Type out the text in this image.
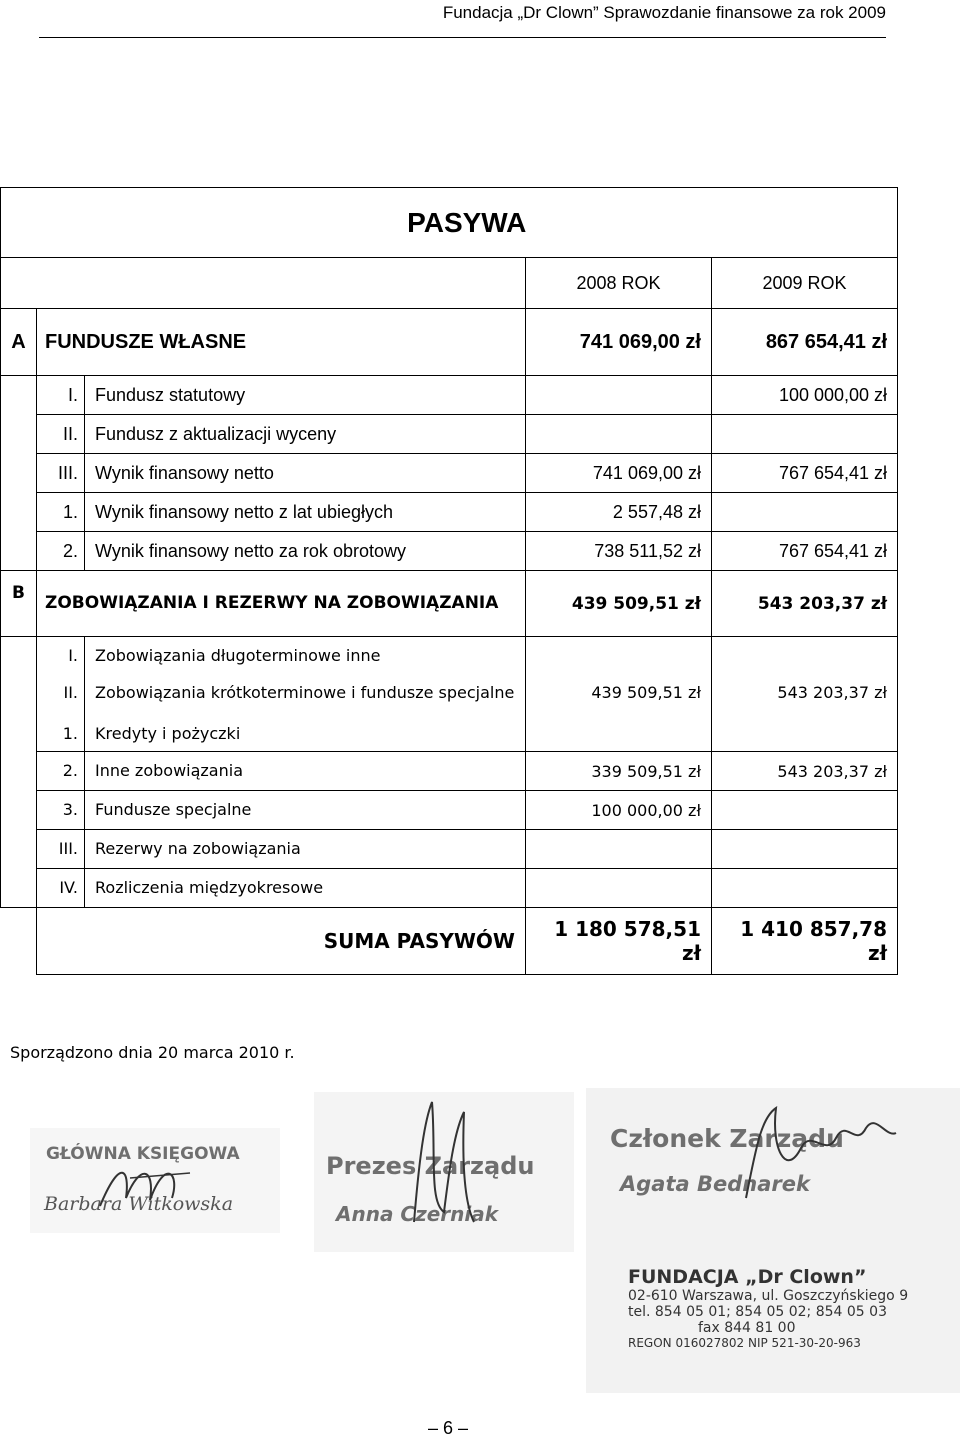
Fundacja „Dr Clown” Sprawozdanie finansowe za rok 2009
	PASYWA			
			2008 ROK	2009 ROK
A	FUNDUSZE WŁASNE		741 069,00 zł	867 654,41 zł
	I.	Fundusz statutowy		100 000,00 zł
	II.	Fundusz z aktualizacji wyceny		
	III.	Wynik finansowy netto	741 069,00 zł	767 654,41 zł
	1.	Wynik finansowy netto z lat ubiegłych	2 557,48 zł	
	2.	Wynik finansowy netto za rok obrotowy	738 511,52 zł	767 654,41 zł
B	ZOBOWIĄZANIA I REZERWY NA ZOBOWIĄZANIA		439 509,51 zł	543 203,37 zł
	I.	Zobowiązania długoterminowe inne		
	II.	Zobowiązania krótkoterminowe i fundusze specjalne	439 509,51 zł	543 203,37 zł
	1.	Kredyty i pożyczki		
	2.	Inne zobowiązania	339 509,51 zł	543 203,37 zł
	3.	Fundusze specjalne	100 000,00 zł	
	III.	Rezerwy na zobowiązania		
	IV.	Rozliczenia międzyokresowe		
	SUMA PASYWÓW		1 180 578,51 zł	1 410 857,78 zł
Sporządzono dnia 20 marca 2010 r.
GŁÓWNA KSIĘGOWA
Barbara Witkowska
Prezes Zarządu
Anna Czerniak
Członek Zarządu
Agata Bednarek
FUNDACJA „Dr Clown”
02-610 Warszawa, ul. Goszczyńskiego 9
tel. 854 05 01; 854 05 02; 854 05 03
fax 844 81 00
REGON 016027802 NIP 521-30-20-963
– 6 –
